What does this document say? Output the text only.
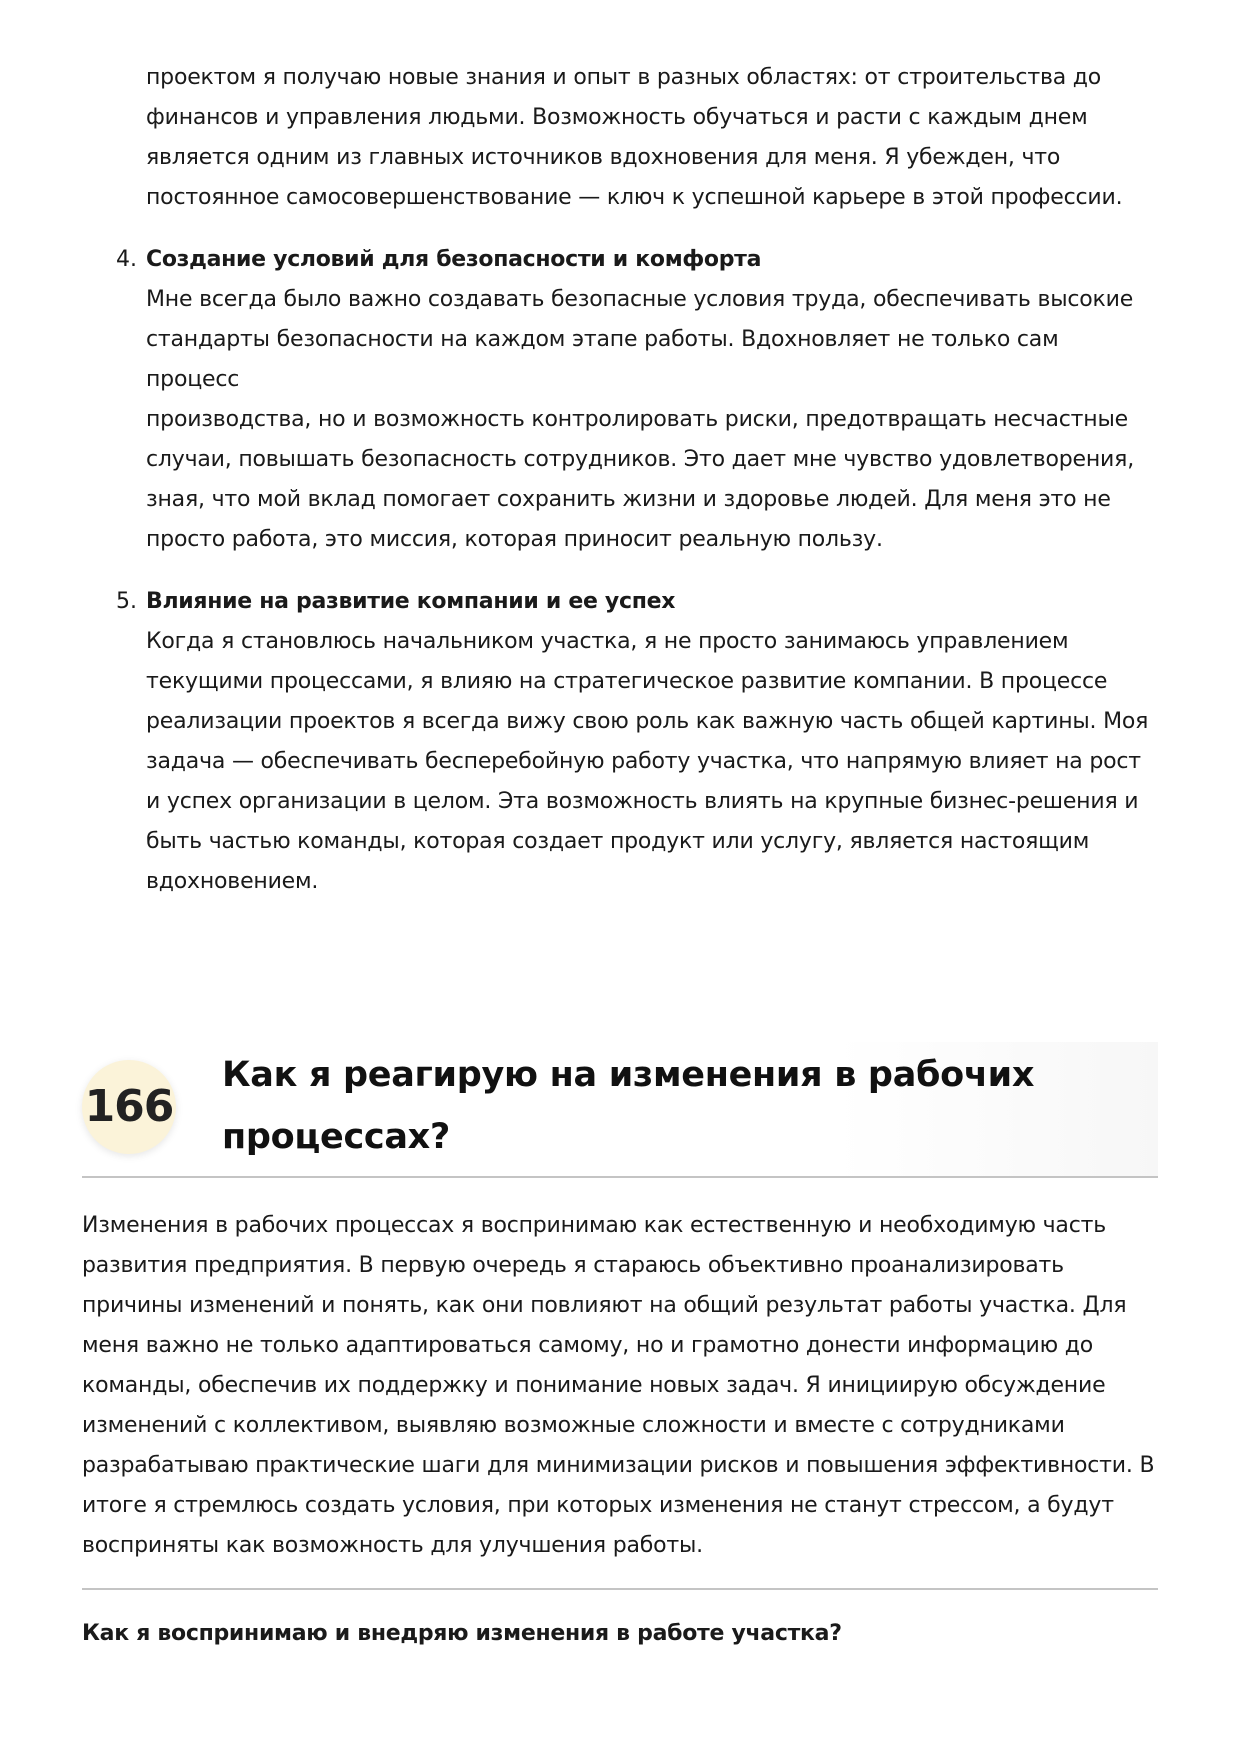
проектом я получаю новые знания и опыт в разных областях: от строительства до
финансов и управления людьми. Возможность обучаться и расти с каждым днем
является одним из главных источников вдохновения для меня. Я убежден, что
постоянное самосовершенствование — ключ к успешной карьере в этой профессии.
4. Создание условий для безопасности и комфорта
Мне всегда было важно создавать безопасные условия труда, обеспечивать высокие
стандарты безопасности на каждом этапе работы. Вдохновляет не только сам процесс
производства, но и возможность контролировать риски, предотвращать несчастные
случаи, повышать безопасность сотрудников. Это дает мне чувство удовлетворения,
зная, что мой вклад помогает сохранить жизни и здоровье людей. Для меня это не
просто работа, это миссия, которая приносит реальную пользу.
5. Влияние на развитие компании и ее успех
Когда я становлюсь начальником участка, я не просто занимаюсь управлением
текущими процессами, я влияю на стратегическое развитие компании. В процессе
реализации проектов я всегда вижу свою роль как важную часть общей картины. Моя
задача — обеспечивать бесперебойную работу участка, что напрямую влияет на рост
и успех организации в целом. Эта возможность влиять на крупные бизнес-решения и
быть частью команды, которая создает продукт или услугу, является настоящим
вдохновением.
166
Как я реагирую на изменения в рабочих
процессах?
Изменения в рабочих процессах я воспринимаю как естественную и необходимую часть
развития предприятия. В первую очередь я стараюсь объективно проанализировать
причины изменений и понять, как они повлияют на общий результат работы участка. Для
меня важно не только адаптироваться самому, но и грамотно донести информацию до
команды, обеспечив их поддержку и понимание новых задач. Я инициирую обсуждение
изменений с коллективом, выявляю возможные сложности и вместе с сотрудниками
разрабатываю практические шаги для минимизации рисков и повышения эффективности. В
итоге я стремлюсь создать условия, при которых изменения не станут стрессом, а будут
восприняты как возможность для улучшения работы.
Как я воспринимаю и внедряю изменения в работе участка?
